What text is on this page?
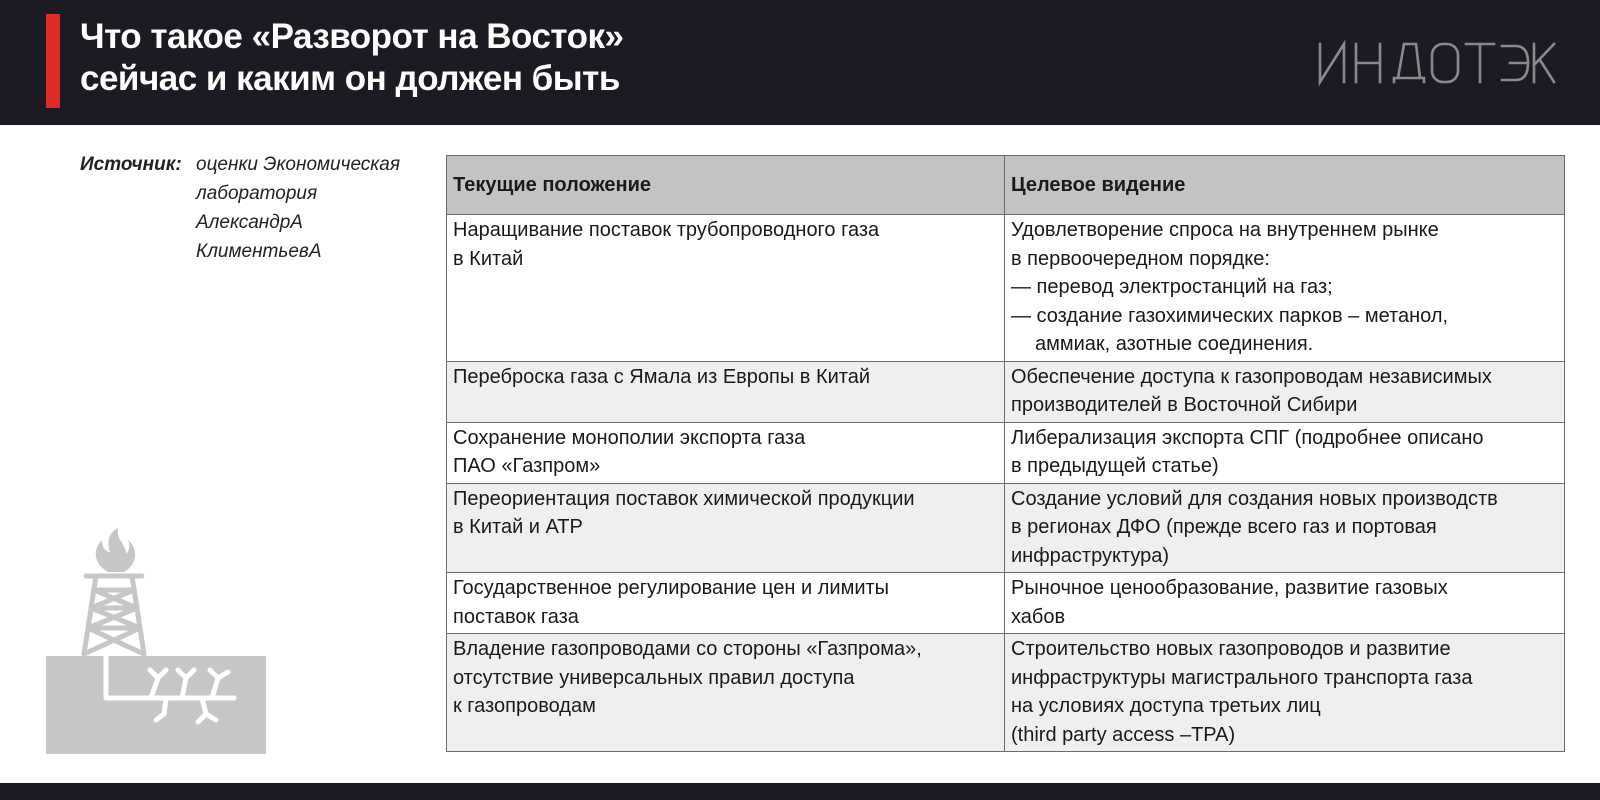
Что такое «Разворот на Восток»
сейчас и каким он должен быть	ИНДОТЭК
Источник: оценки Экономическая
лаборатория
АлександрА
КлиментьевА
Текущие положение	Целевое видение

Наращивание поставок трубопроводного газа
в Китай	Удовлетворение спроса на внутреннем рынке
в первоочередном порядке:
— перевод электростанций на газ;
— создание газохимических парков – метанол,
аммиак, азотные соединения.

Переброска газа с Ямала из Европы в Китай	Обеспечение доступа к газопроводам независимых
производителей в Восточной Сибири

Сохранение монополии экспорта газа
ПАО «Газпром»	Либерализация экспорта СПГ (подробнее описано
в предыдущей статье)

Переориентация поставок химической продукции
в Китай и АТР	Создание условий для создания новых производств
в регионах ДФО (прежде всего газ и портовая
инфраструктура)

Государственное регулирование цен и лимиты
поставок газа	Рыночное ценообразование, развитие газовых
хабов

Владение газопроводами со стороны «Газпрома»,
отсутствие универсальных правил доступа
к газопроводам	Строительство новых газопроводов и развитие
инфраструктуры магистрального транспорта газа
на условиях доступа третьих лиц
(third party access –TPA)
